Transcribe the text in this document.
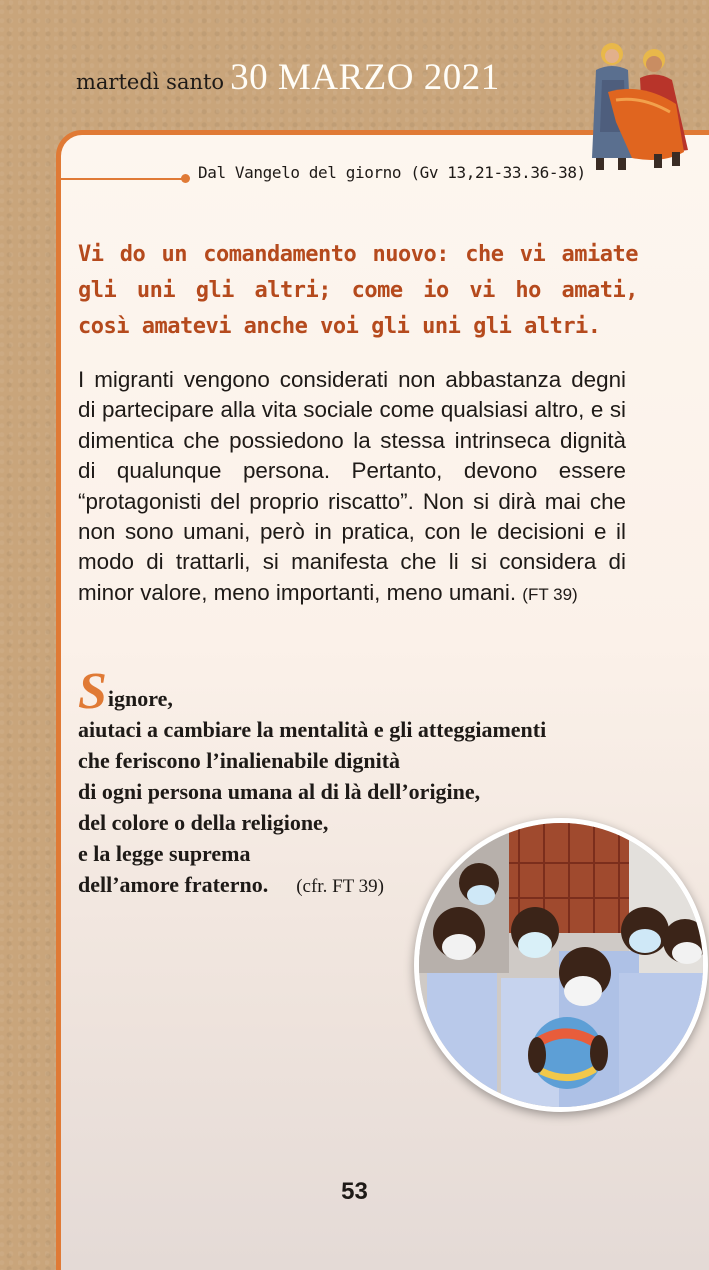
martedì santo 30 MARZO 2021
Dal Vangelo del giorno (Gv 13,21-33.36-38)
Vi do un comandamento nuovo: che vi amiate gli uni gli altri; come io vi ho amati, così amatevi anche voi gli uni gli altri.
I migranti vengono considerati non abbastanza degni di partecipare alla vita sociale come qualsiasi altro, e si dimentica che possiedono la stessa intrinseca dignità di qualunque persona. Pertanto, devono essere “protagonisti del proprio riscatto”. Non si dirà mai che non sono umani, però in pratica, con le decisioni e il modo di trattarli, si manifesta che li si considera di minor valore, meno importanti, meno umani. (FT 39)
Signore,
aiutaci a cambiare la mentalità e gli atteggiamenti
che feriscono l’inalienabile dignità
di ogni persona umana al di là dell’origine,
del colore o della religione,
e la legge suprema
dell’amore fraterno. (cfr. FT 39)
53
